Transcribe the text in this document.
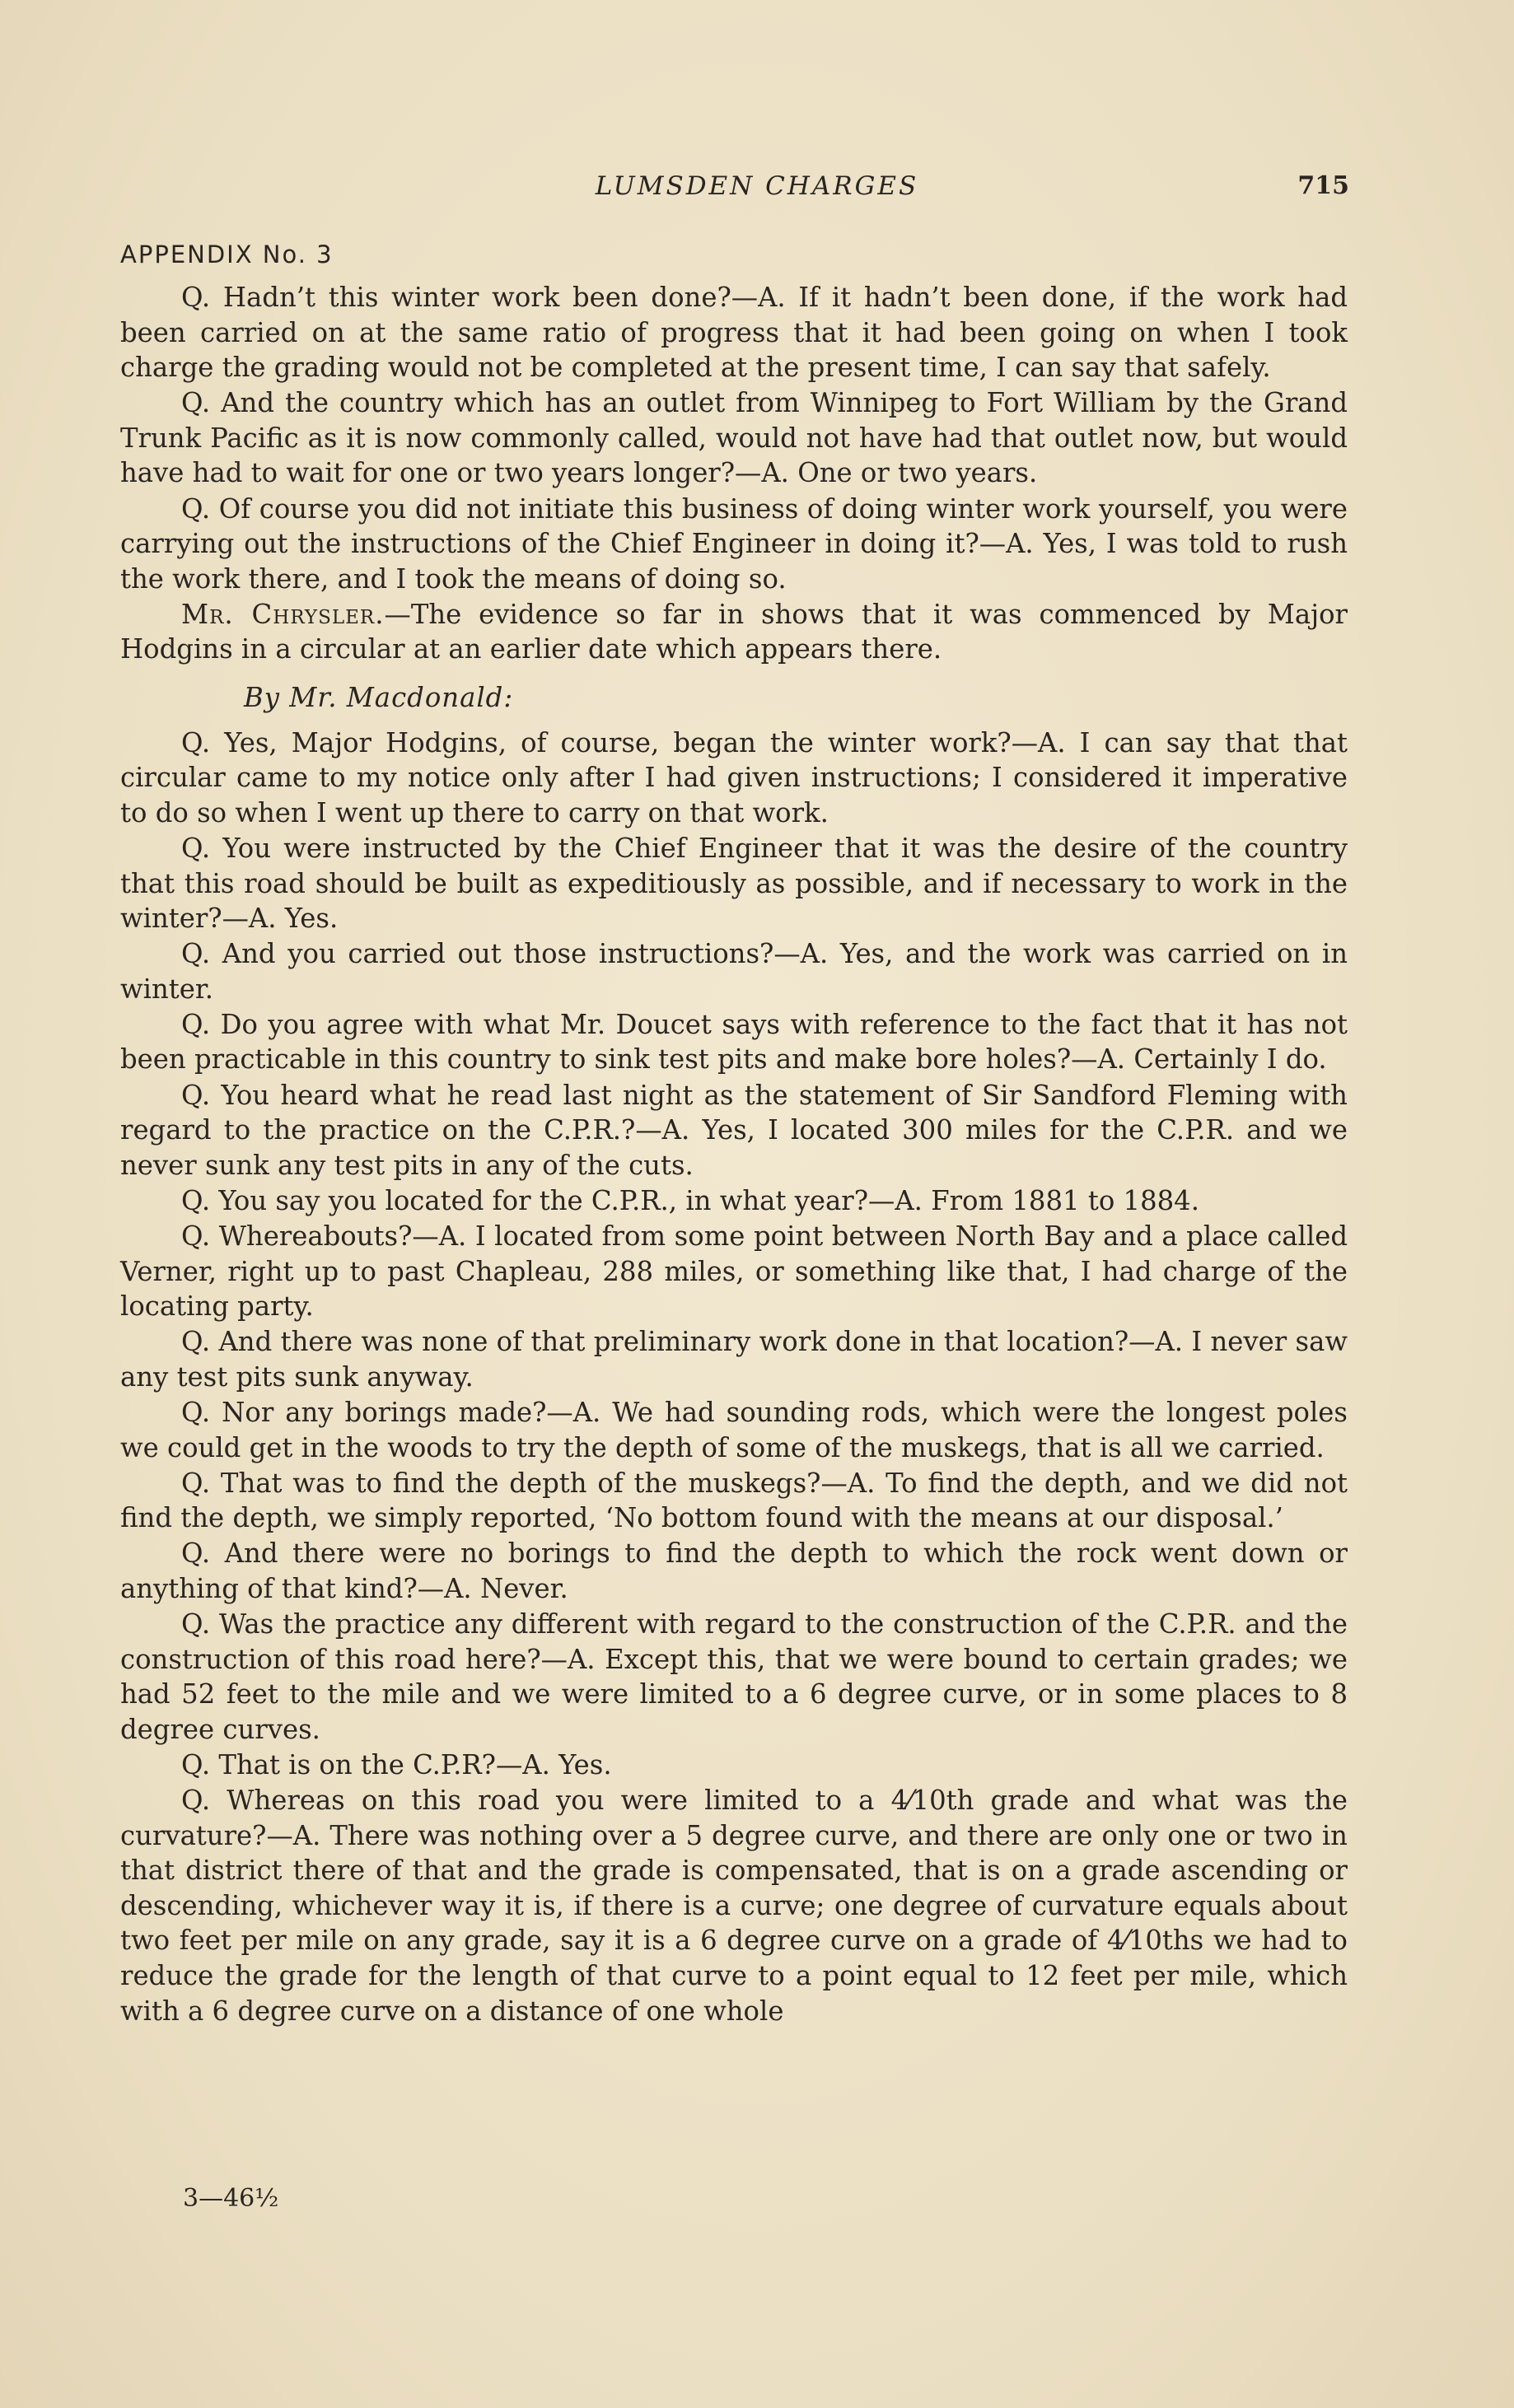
LUMSDEN CHARGES	715
APPENDIX No. 3

Q. Hadn’t this winter work been done?—A. If it hadn’t been done, if the work had been carried on at the same ratio of progress that it had been going on when I took charge the grading would not be completed at the present time, I can say that safely.

Q. And the country which has an outlet from Winnipeg to Fort William by the Grand Trunk Pacific as it is now commonly called, would not have had that outlet now, but would have had to wait for one or two years longer?—A. One or two years.

Q. Of course you did not initiate this business of doing winter work yourself, you were carrying out the instructions of the Chief Engineer in doing it?—A. Yes, I was told to rush the work there, and I took the means of doing so.

Mr. Chrysler.—The evidence so far in shows that it was commenced by Major Hodgins in a circular at an earlier date which appears there.

By Mr. Macdonald:

Q. Yes, Major Hodgins, of course, began the winter work?—A. I can say that that circular came to my notice only after I had given instructions; I considered it imperative to do so when I went up there to carry on that work.

Q. You were instructed by the Chief Engineer that it was the desire of the country that this road should be built as expeditiously as possible, and if necessary to work in the winter?—A. Yes.

Q. And you carried out those instructions?—A. Yes, and the work was carried on in winter.

Q. Do you agree with what Mr. Doucet says with reference to the fact that it has not been practicable in this country to sink test pits and make bore holes?—A. Certainly I do.

Q. You heard what he read last night as the statement of Sir Sandford Fleming with regard to the practice on the C.P.R.?—A. Yes, I located 300 miles for the C.P.R. and we never sunk any test pits in any of the cuts.

Q. You say you located for the C.P.R., in what year?—A. From 1881 to 1884.

Q. Whereabouts?—A. I located from some point between North Bay and a place called Verner, right up to past Chapleau, 288 miles, or something like that, I had charge of the locating party.

Q. And there was none of that preliminary work done in that location?—A. I never saw any test pits sunk anyway.

Q. Nor any borings made?—A. We had sounding rods, which were the longest poles we could get in the woods to try the depth of some of the muskegs, that is all we carried.

Q. That was to find the depth of the muskegs?—A. To find the depth, and we did not find the depth, we simply reported, ‘No bottom found with the means at our disposal.’

Q. And there were no borings to find the depth to which the rock went down or anything of that kind?—A. Never.

Q. Was the practice any different with regard to the construction of the C.P.R. and the construction of this road here?—A. Except this, that we were bound to certain grades; we had 52 feet to the mile and we were limited to a 6 degree curve, or in some places to 8 degree curves.

Q. That is on the C.P.R?—A. Yes.

Q. Whereas on this road you were limited to a 4⁄10th grade and what was the curvature?—A. There was nothing over a 5 degree curve, and there are only one or two in that district there of that and the grade is compensated, that is on a grade ascending or descending, whichever way it is, if there is a curve; one degree of curvature equals about two feet per mile on any grade, say it is a 6 degree curve on a grade of 4⁄10ths we had to reduce the grade for the length of that curve to a point equal to 12 feet per mile, which with a 6 degree curve on a distance of one whole

3—46½
